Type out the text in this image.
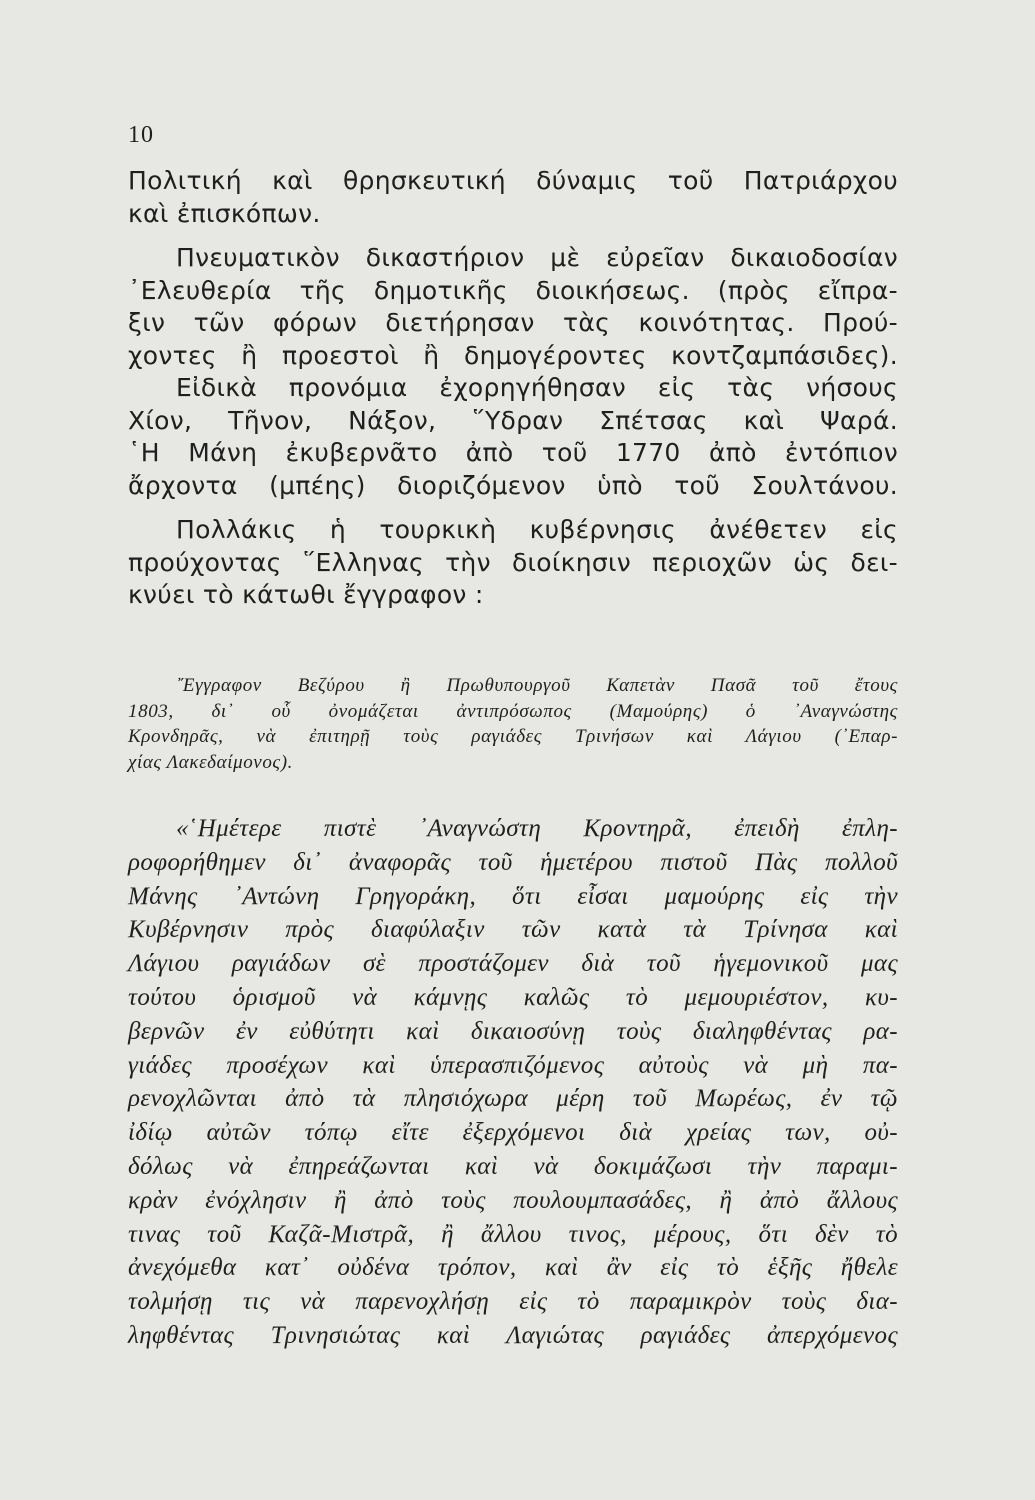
10
Πολιτική καὶ θρησκευτική δύναμις τοῦ Πατριάρχου
καὶ ἐπισκόπων.
Πνευματικὸν δικαστήριον μὲ εὐρεῖαν δικαιοδοσίαν
᾿Ελευθερία τῆς δημοτικῆς διοικήσεως. (πρὸς εἴπρα-
ξιν τῶν φόρων διετήρησαν τὰς κοινότητας. Πρού-
χοντες ἢ προεστοὶ ἢ δημογέροντες κοντζαμπάσιδες).
Εἰδικὰ προνόμια ἐχορηγήθησαν εἰς τὰς νήσους
Χίον, Τῆνον, Νάξον, ῞Υδραν Σπέτσας καὶ Ψαρά.
῾Η Μάνη ἐκυβερνᾶτο ἀπὸ τοῦ 1770 ἀπὸ ἐντόπιον
ἄρχοντα (μπέης) διοριζόμενον ὑπὸ τοῦ Σουλτάνου.
Πολλάκις ἡ τουρκικὴ κυβέρνησις ἀνέθετεν εἰς
προύχοντας ῞Ελληνας τὴν διοίκησιν περιοχῶν ὡς δει-
κνύει τὸ κάτωθι ἔγγραφον :
῎Εγγραφον Βεζύρου ἢ Πρωθυπουργοῦ Καπετὰν Πασᾶ τοῦ ἔτους
1803, δι᾿ οὗ ὀνομάζεται ἀντιπρόσωπος (Μαμούρης) ὁ ᾿Αναγνώστης
Κρονδηρᾶς, νὰ ἐπιτηρῇ τοὺς ραγιάδες Τρινήσων καὶ Λάγιου (᾿Επαρ-
χίας Λακεδαίμονος).
«῾Ημέτερε πιστὲ ᾿Αναγνώστη Κροντηρᾶ, ἐπειδὴ ἐπλη-
ροφορήθημεν δι᾿ ἀναφορᾶς τοῦ ἡμετέρου πιστοῦ Πὰς πολλοῦ
Μάνης ᾿Αντώνη Γρηγοράκη, ὅτι εἶσαι μαμούρης εἰς τὴν
Κυβέρνησιν πρὸς διαφύλαξιν τῶν κατὰ τὰ Τρίνησα καὶ
Λάγιου ραγιάδων σὲ προστάζομεν διὰ τοῦ ἡγεμονικοῦ μας
τούτου ὁρισμοῦ νὰ κάμνῃς καλῶς τὸ μεμουριέστον, κυ-
βερνῶν ἐν εὐθύτητι καὶ δικαιοσύνῃ τοὺς διαληφθέντας ρα-
γιάδες προσέχων καὶ ὑπερασπιζόμενος αὐτοὺς νὰ μὴ πα-
ρενοχλῶνται ἀπὸ τὰ πλησιόχωρα μέρη τοῦ Μωρέως, ἐν τῷ
ἰδίῳ αὐτῶν τόπῳ εἴτε ἐξερχόμενοι διὰ χρείας των, οὐ-
δόλως νὰ ἐπηρεάζωνται καὶ νὰ δοκιμάζωσι τὴν παραμι-
κρὰν ἐνόχλησιν ἢ ἀπὸ τοὺς πουλουμπασάδες, ἢ ἀπὸ ἄλλους
τινας τοῦ Καζᾶ-Μιστρᾶ, ἢ ἄλλου τινος, μέρους, ὅτι δὲν τὸ
ἀνεχόμεθα κατ᾿ οὐδένα τρόπον, καὶ ἂν εἰς τὸ ἑξῆς ἤθελε
τολμήσῃ τις νὰ παρενοχλήσῃ εἰς τὸ παραμικρὸν τοὺς δια-
ληφθέντας Τρινησιώτας καὶ Λαγιώτας ραγιάδες ἀπερχόμενος
